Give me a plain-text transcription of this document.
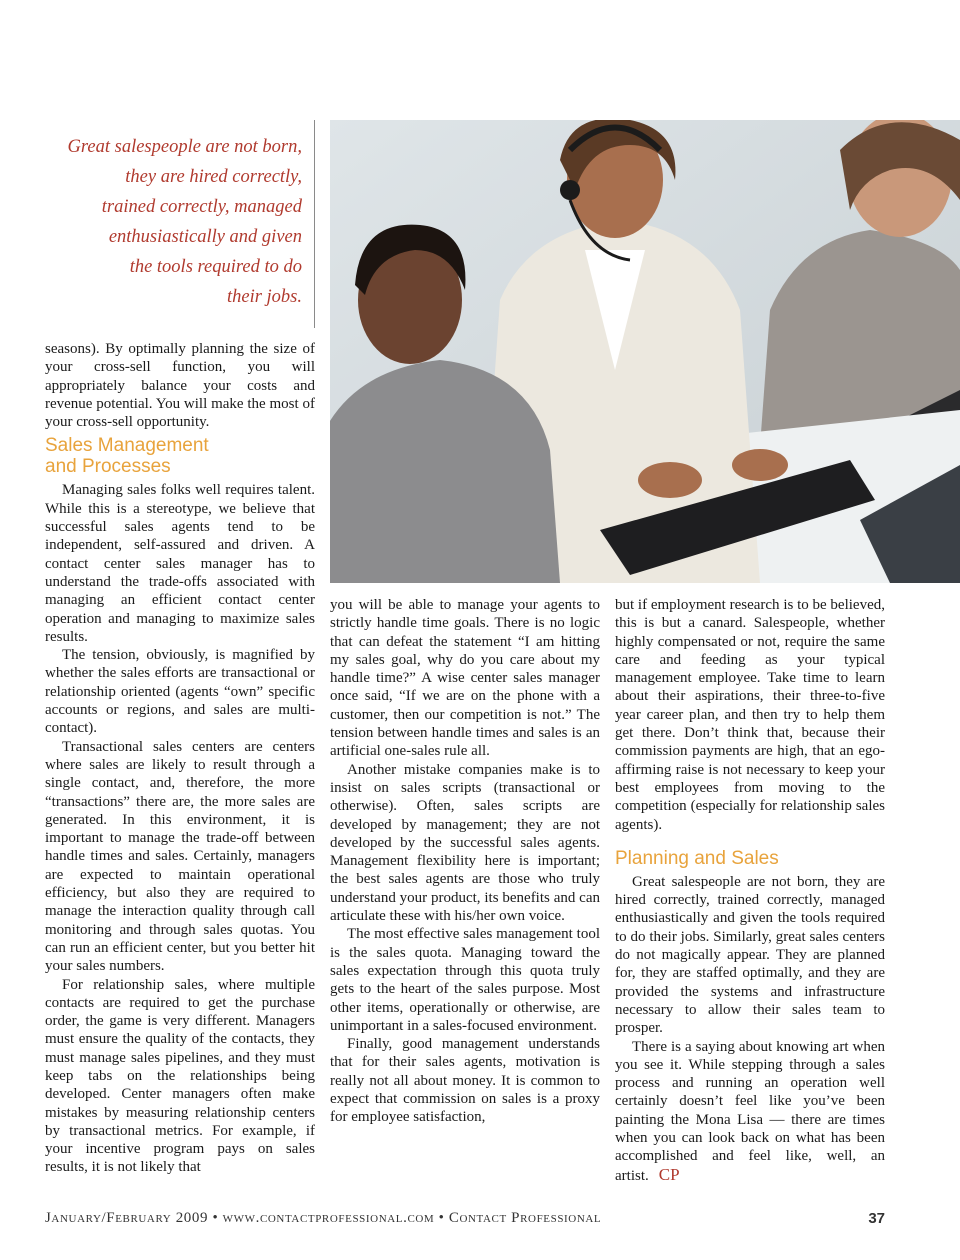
Great salespeople are not born,
they are hired correctly,
trained correctly, managed
enthusiastically and given
the tools required to do
their jobs.

seasons). By optimally planning the size of your cross-sell function, you will appropriately balance your costs and revenue potential. You will make the most of your cross-sell opportunity.

Sales Management
and Processes

Managing sales folks well requires talent. While this is a stereotype, we believe that successful sales agents tend to be independent, self-assured and driven. A contact center sales manager has to understand the trade-offs associated with managing an efficient contact center operation and managing to maximize sales results.

The tension, obviously, is magnified by whether the sales efforts are transactional or relationship oriented (agents “own” specific accounts or regions, and sales are multi-contact).

Transactional sales centers are centers where sales are likely to result through a single contact, and, therefore, the more “transactions” there are, the more sales are generated. In this environment, it is important to manage the trade-off between handle times and sales. Certainly, managers are expected to maintain operational efficiency, but also they are required to manage the interaction quality through call monitoring and through sales quotas. You can run an efficient center, but you better hit your sales numbers.

For relationship sales, where multiple contacts are required to get the purchase order, the game is very different. Managers must ensure the quality of the contacts, they must manage sales pipelines, and they must keep tabs on the relationships being developed. Center managers often make mistakes by measuring relationship centers by transactional metrics. For example, if your incentive program pays on sales results, it is not likely that

you will be able to manage your agents to strictly handle time goals. There is no logic that can defeat the statement “I am hitting my sales goal, why do you care about my handle time?” A wise center sales manager once said, “If we are on the phone with a customer, then our competition is not.” The tension between handle times and sales is an artificial one-sales rule all.

Another mistake companies make is to insist on sales scripts (transactional or otherwise). Often, sales scripts are developed by management; they are not developed by the successful sales agents. Management flexibility here is important; the best sales agents are those who truly understand your product, its benefits and can articulate these with his/her own voice.

The most effective sales management tool is the sales quota. Managing toward the sales expectation through this quota truly gets to the heart of the sales purpose. Most other items, operationally or otherwise, are unimportant in a sales-focused environment.

Finally, good management understands that for their sales agents, motivation is really not all about money. It is common to expect that commission on sales is a proxy for employee satisfaction,

but if employment research is to be believed, this is but a canard. Salespeople, whether highly compensated or not, require the same care and feeding as your typical management employee. Take time to learn about their aspirations, their three-to-five year career plan, and then try to help them get there. Don’t think that, because their commission payments are high, that an ego-affirming raise is not necessary to keep your best employees from moving to the competition (especially for relationship sales agents).

Planning and Sales

Great salespeople are not born, they are hired correctly, trained correctly, managed enthusiastically and given the tools required to do their jobs. Similarly, great sales centers do not magically appear. They are planned for, they are staffed optimally, and they are provided the systems and infrastructure necessary to allow their sales team to prosper.

There is a saying about knowing art when you see it. While stepping through a sales process and running an operation well certainly doesn’t feel like you’ve been painting the Mona Lisa — there are times when you can look back on what has been accomplished and feel like, well, an artist. CP

January/February 2009 • www.contactprofessional.com • Contact Professional	37
